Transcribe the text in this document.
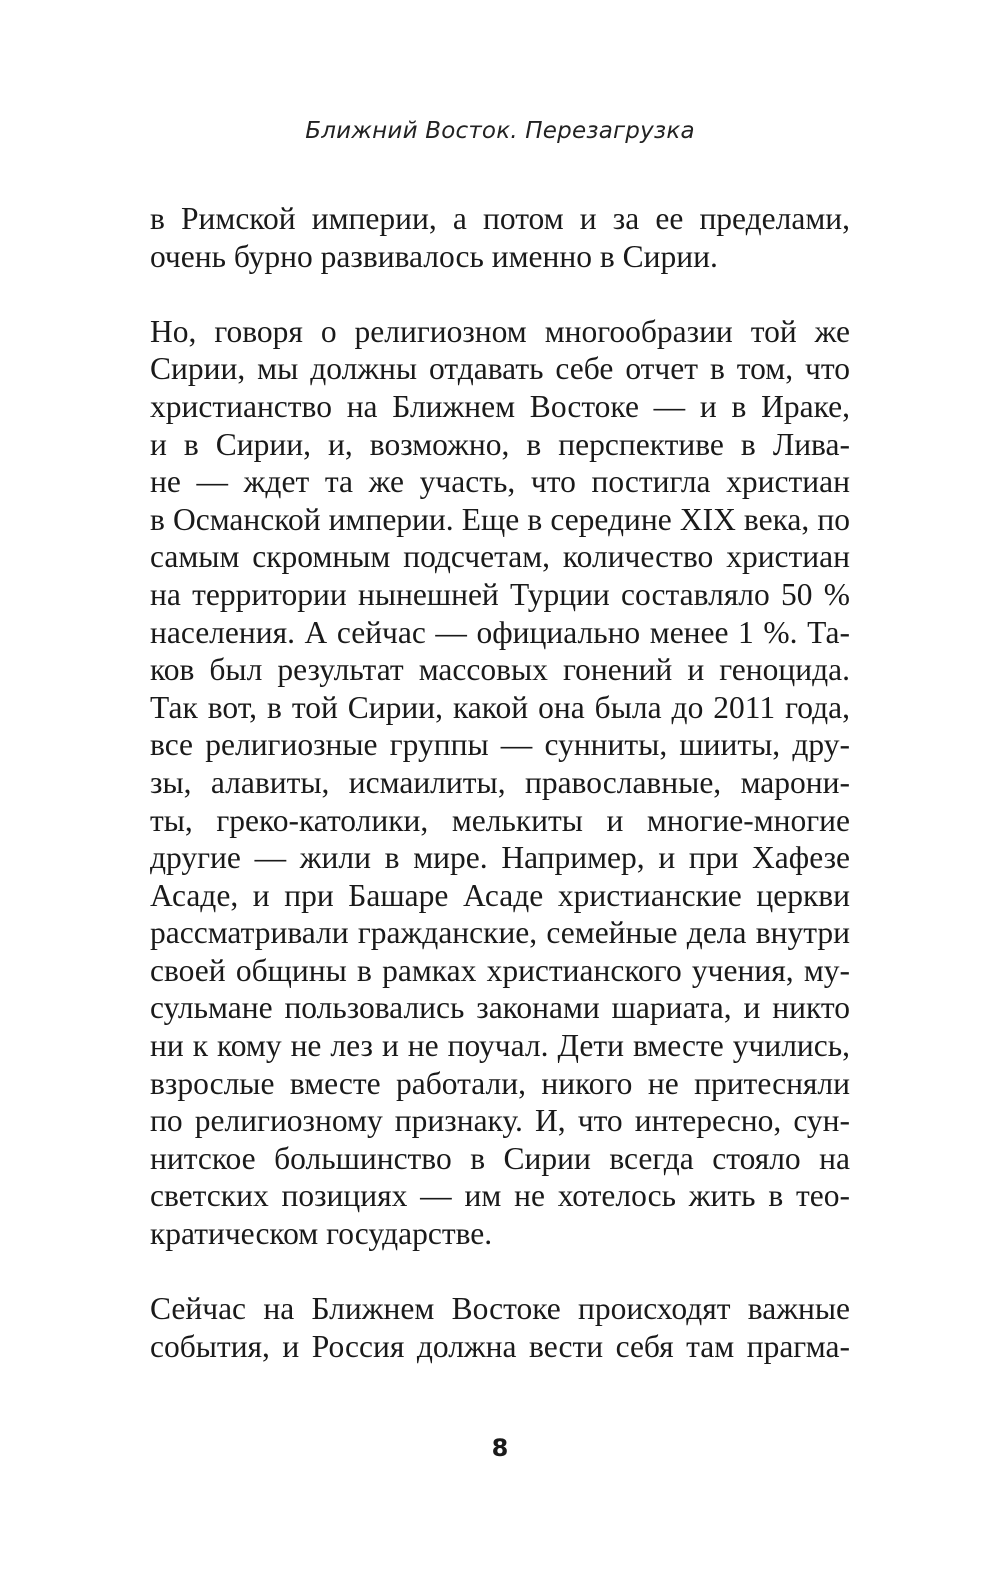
Ближний Восток. Перезагрузка
в Римской империи, а потом и за ее пределами,
очень бурно развивалось именно в Сирии.
Но, говоря о религиозном многообразии той же
Сирии, мы должны отдавать себе отчет в том, что
христианство на Ближнем Востоке — и в Ираке,
и в Сирии, и, возможно, в перспективе в Лива-
не — ждет та же участь, что постигла христиан
в Османской империи. Еще в середине XIX века, по
самым скромным подсчетам, количество христиан
на территории нынешней Турции составляло 50 %
населения. А сейчас — официально менее 1 %. Та-
ков был результат массовых гонений и геноцида.
Так вот, в той Сирии, какой она была до 2011 года,
все религиозные группы — сунниты, шииты, дру-
зы, алавиты, исмаилиты, православные, марони-
ты, греко-католики, мелькиты и многие-многие
другие — жили в мире. Например, и при Хафезе
Асаде, и при Башаре Асаде христианские церкви
рассматривали гражданские, семейные дела внутри
своей общины в рамках христианского учения, му-
сульмане пользовались законами шариата, и никто
ни к кому не лез и не поучал. Дети вместе учились,
взрослые вместе работали, никого не притесняли
по религиозному признаку. И, что интересно, сун-
нитское большинство в Сирии всегда стояло на
светских позициях — им не хотелось жить в тео-
кратическом государстве.
Сейчас на Ближнем Востоке происходят важные
события, и Россия должна вести себя там прагма-
8
